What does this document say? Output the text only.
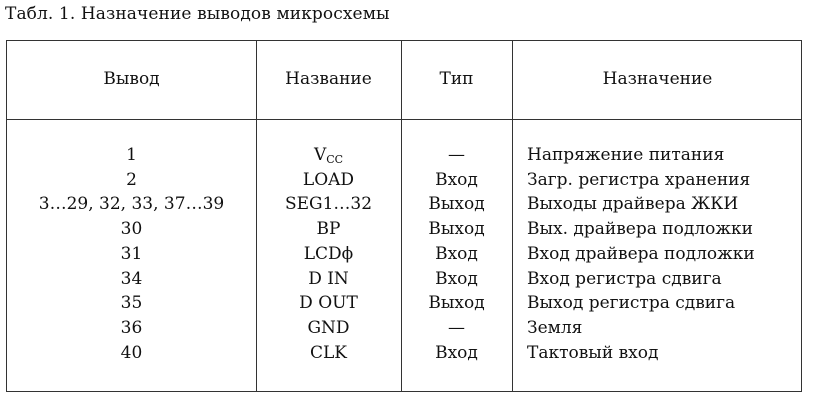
Табл. 1. Назначение выводов микросхемы
Вывод	Название	Тип	Назначение
1	$V_{CC}$	—	Напряжение питания
2	LOAD	Вход	Загр. регистра хранения
3…29, 32, 33, 37…39	SEG1…32	Выход	Выходы драйвера ЖКИ
30	BP	Выход	Вых. драйвера подложки
31	LCDϕ	Вход	Вход драйвера подложки
34	D IN	Вход	Вход регистра сдвига
35	D OUT	Выход	Выход регистра сдвига
36	GND	—	Земля
40	CLK	Вход	Тактовый вход
